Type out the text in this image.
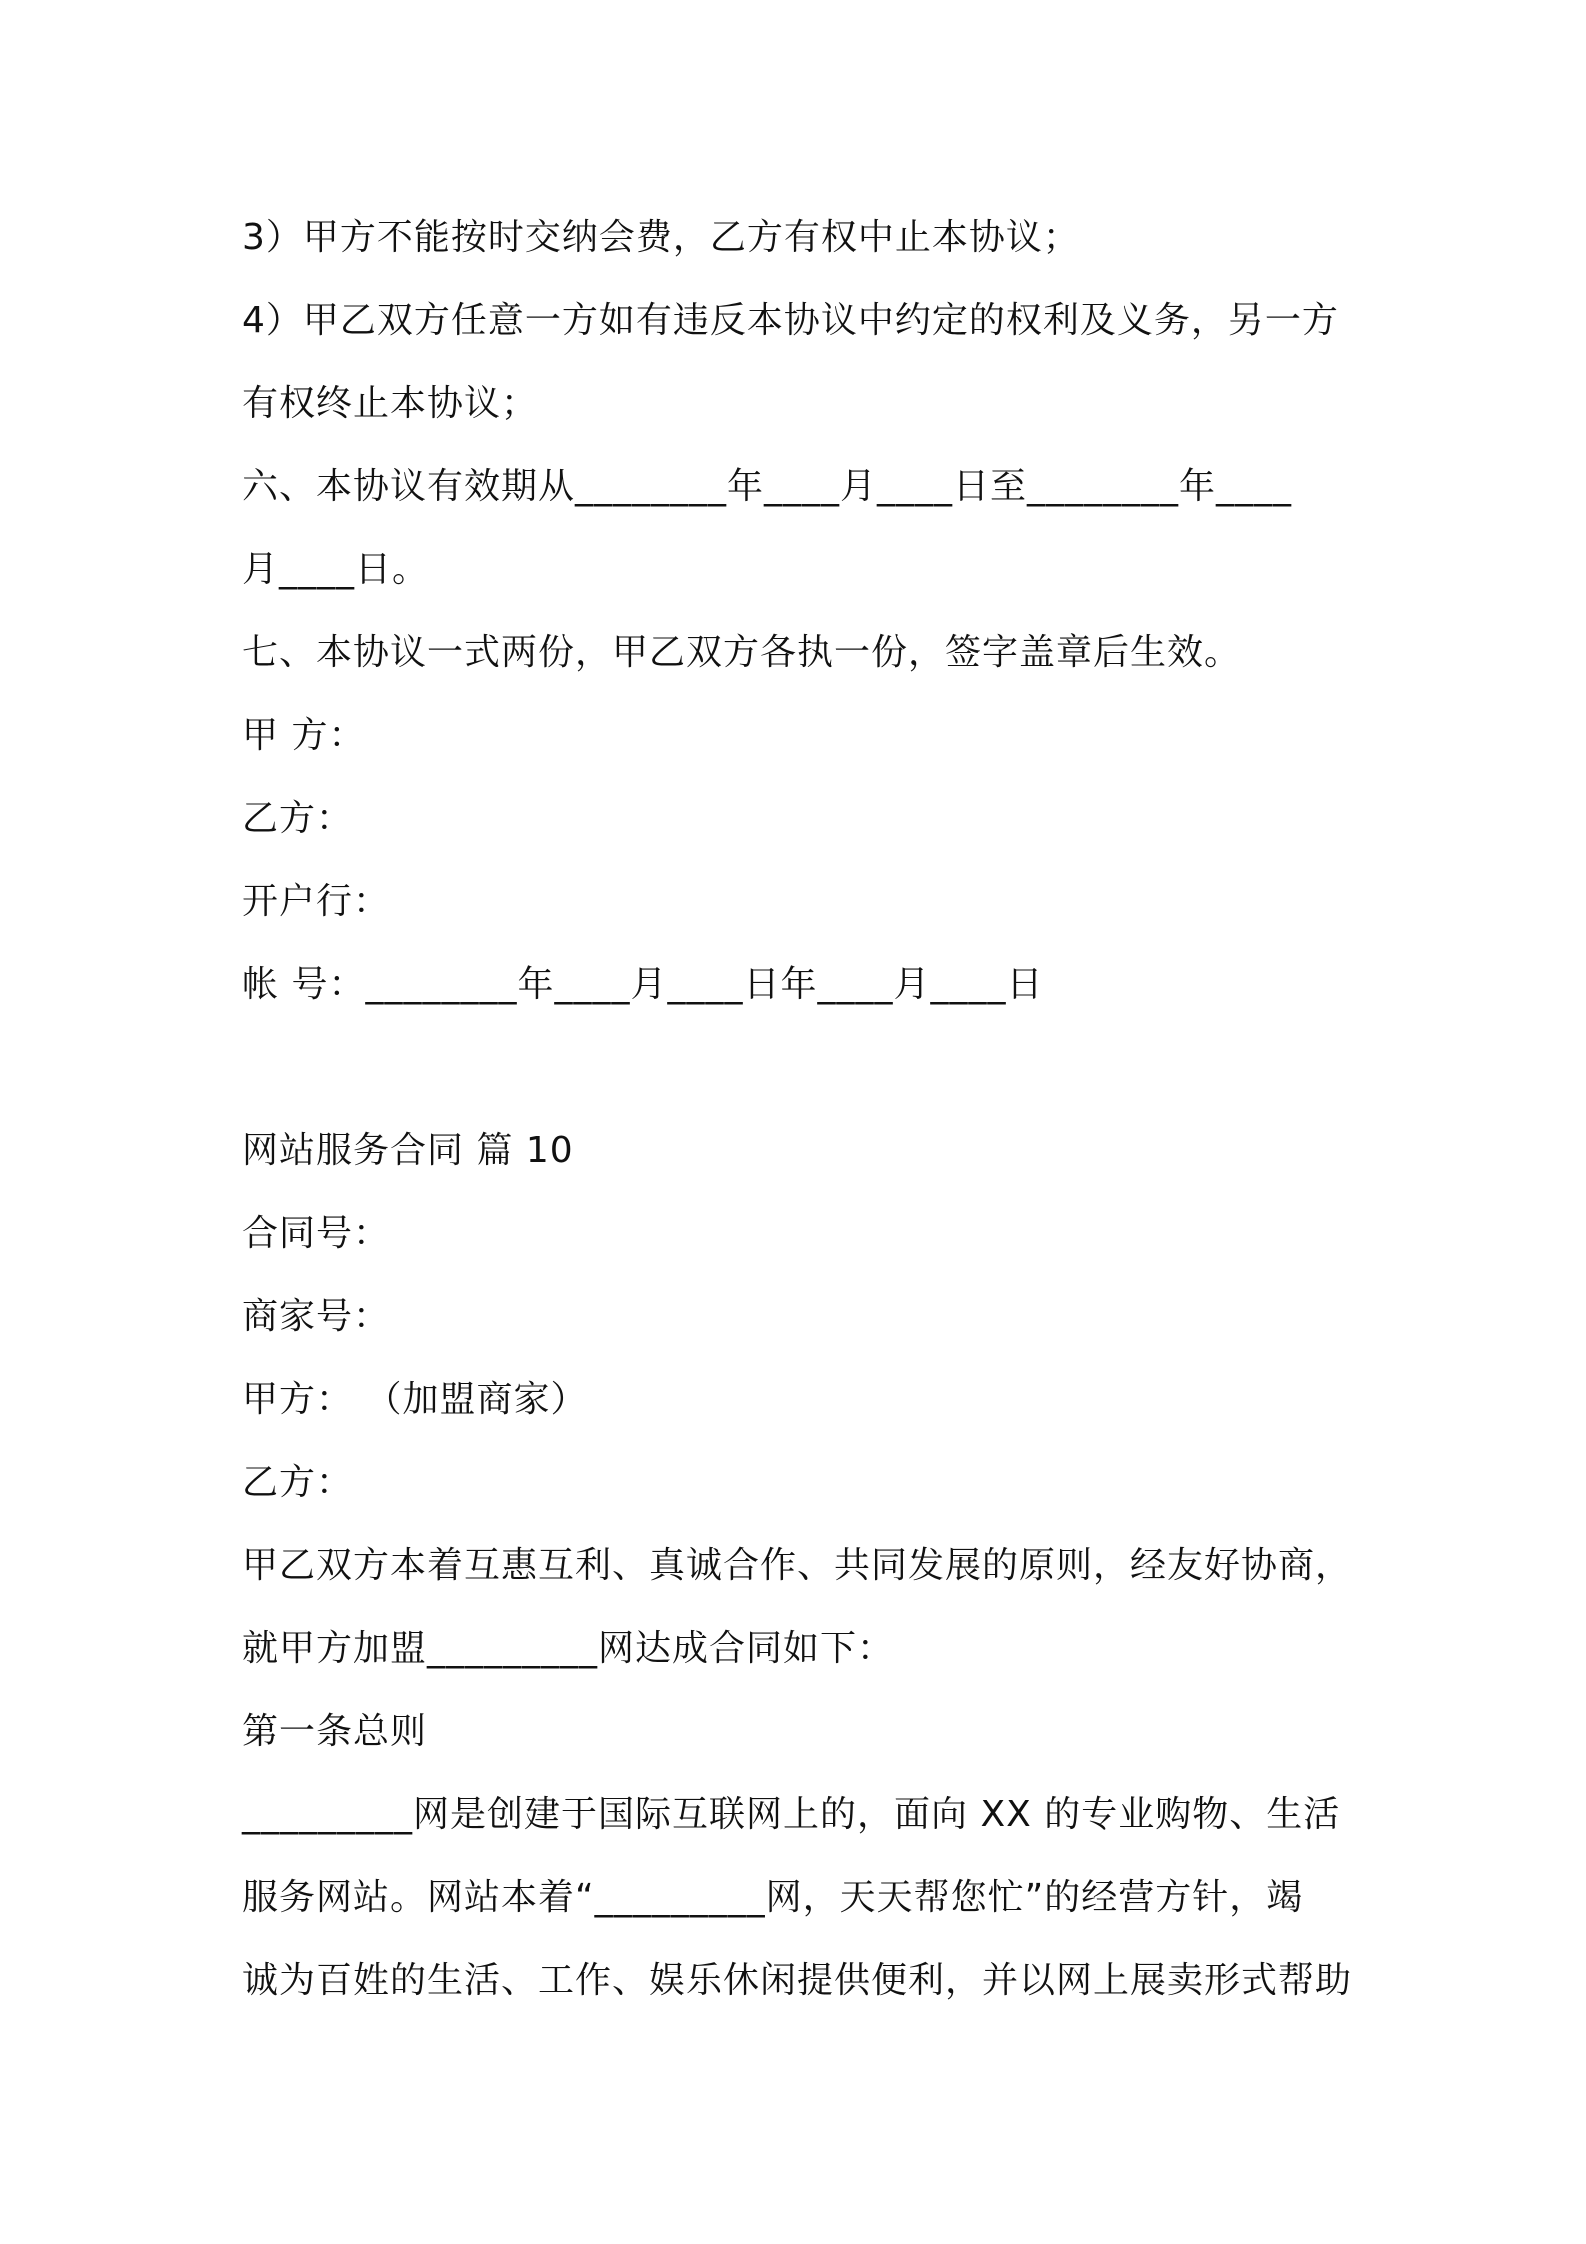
3）甲方不能按时交纳会费，乙方有权中止本协议；

4）甲乙双方任意一方如有违反本协议中约定的权利及义务，另一方

有权终止本协议；

六、本协议有效期从________年____月____日至________年____

月____日。

七、本协议一式两份，甲乙双方各执一份，签字盖章后生效。

甲 方：

乙方：

开户行：

帐 号：________年____月____日年____月____日

网站服务合同 篇 10

合同号：

商家号：

甲方： （加盟商家）

乙方：

甲乙双方本着互惠互利、真诚合作、共同发展的原则，经友好协商，

就甲方加盟_________网达成合同如下：

第一条总则

_________网是创建于国际互联网上的，面向 XX 的专业购物、生活

服务网站。网站本着“_________网，天天帮您忙”的经营方针，竭

诚为百姓的生活、工作、娱乐休闲提供便利，并以网上展卖形式帮助
